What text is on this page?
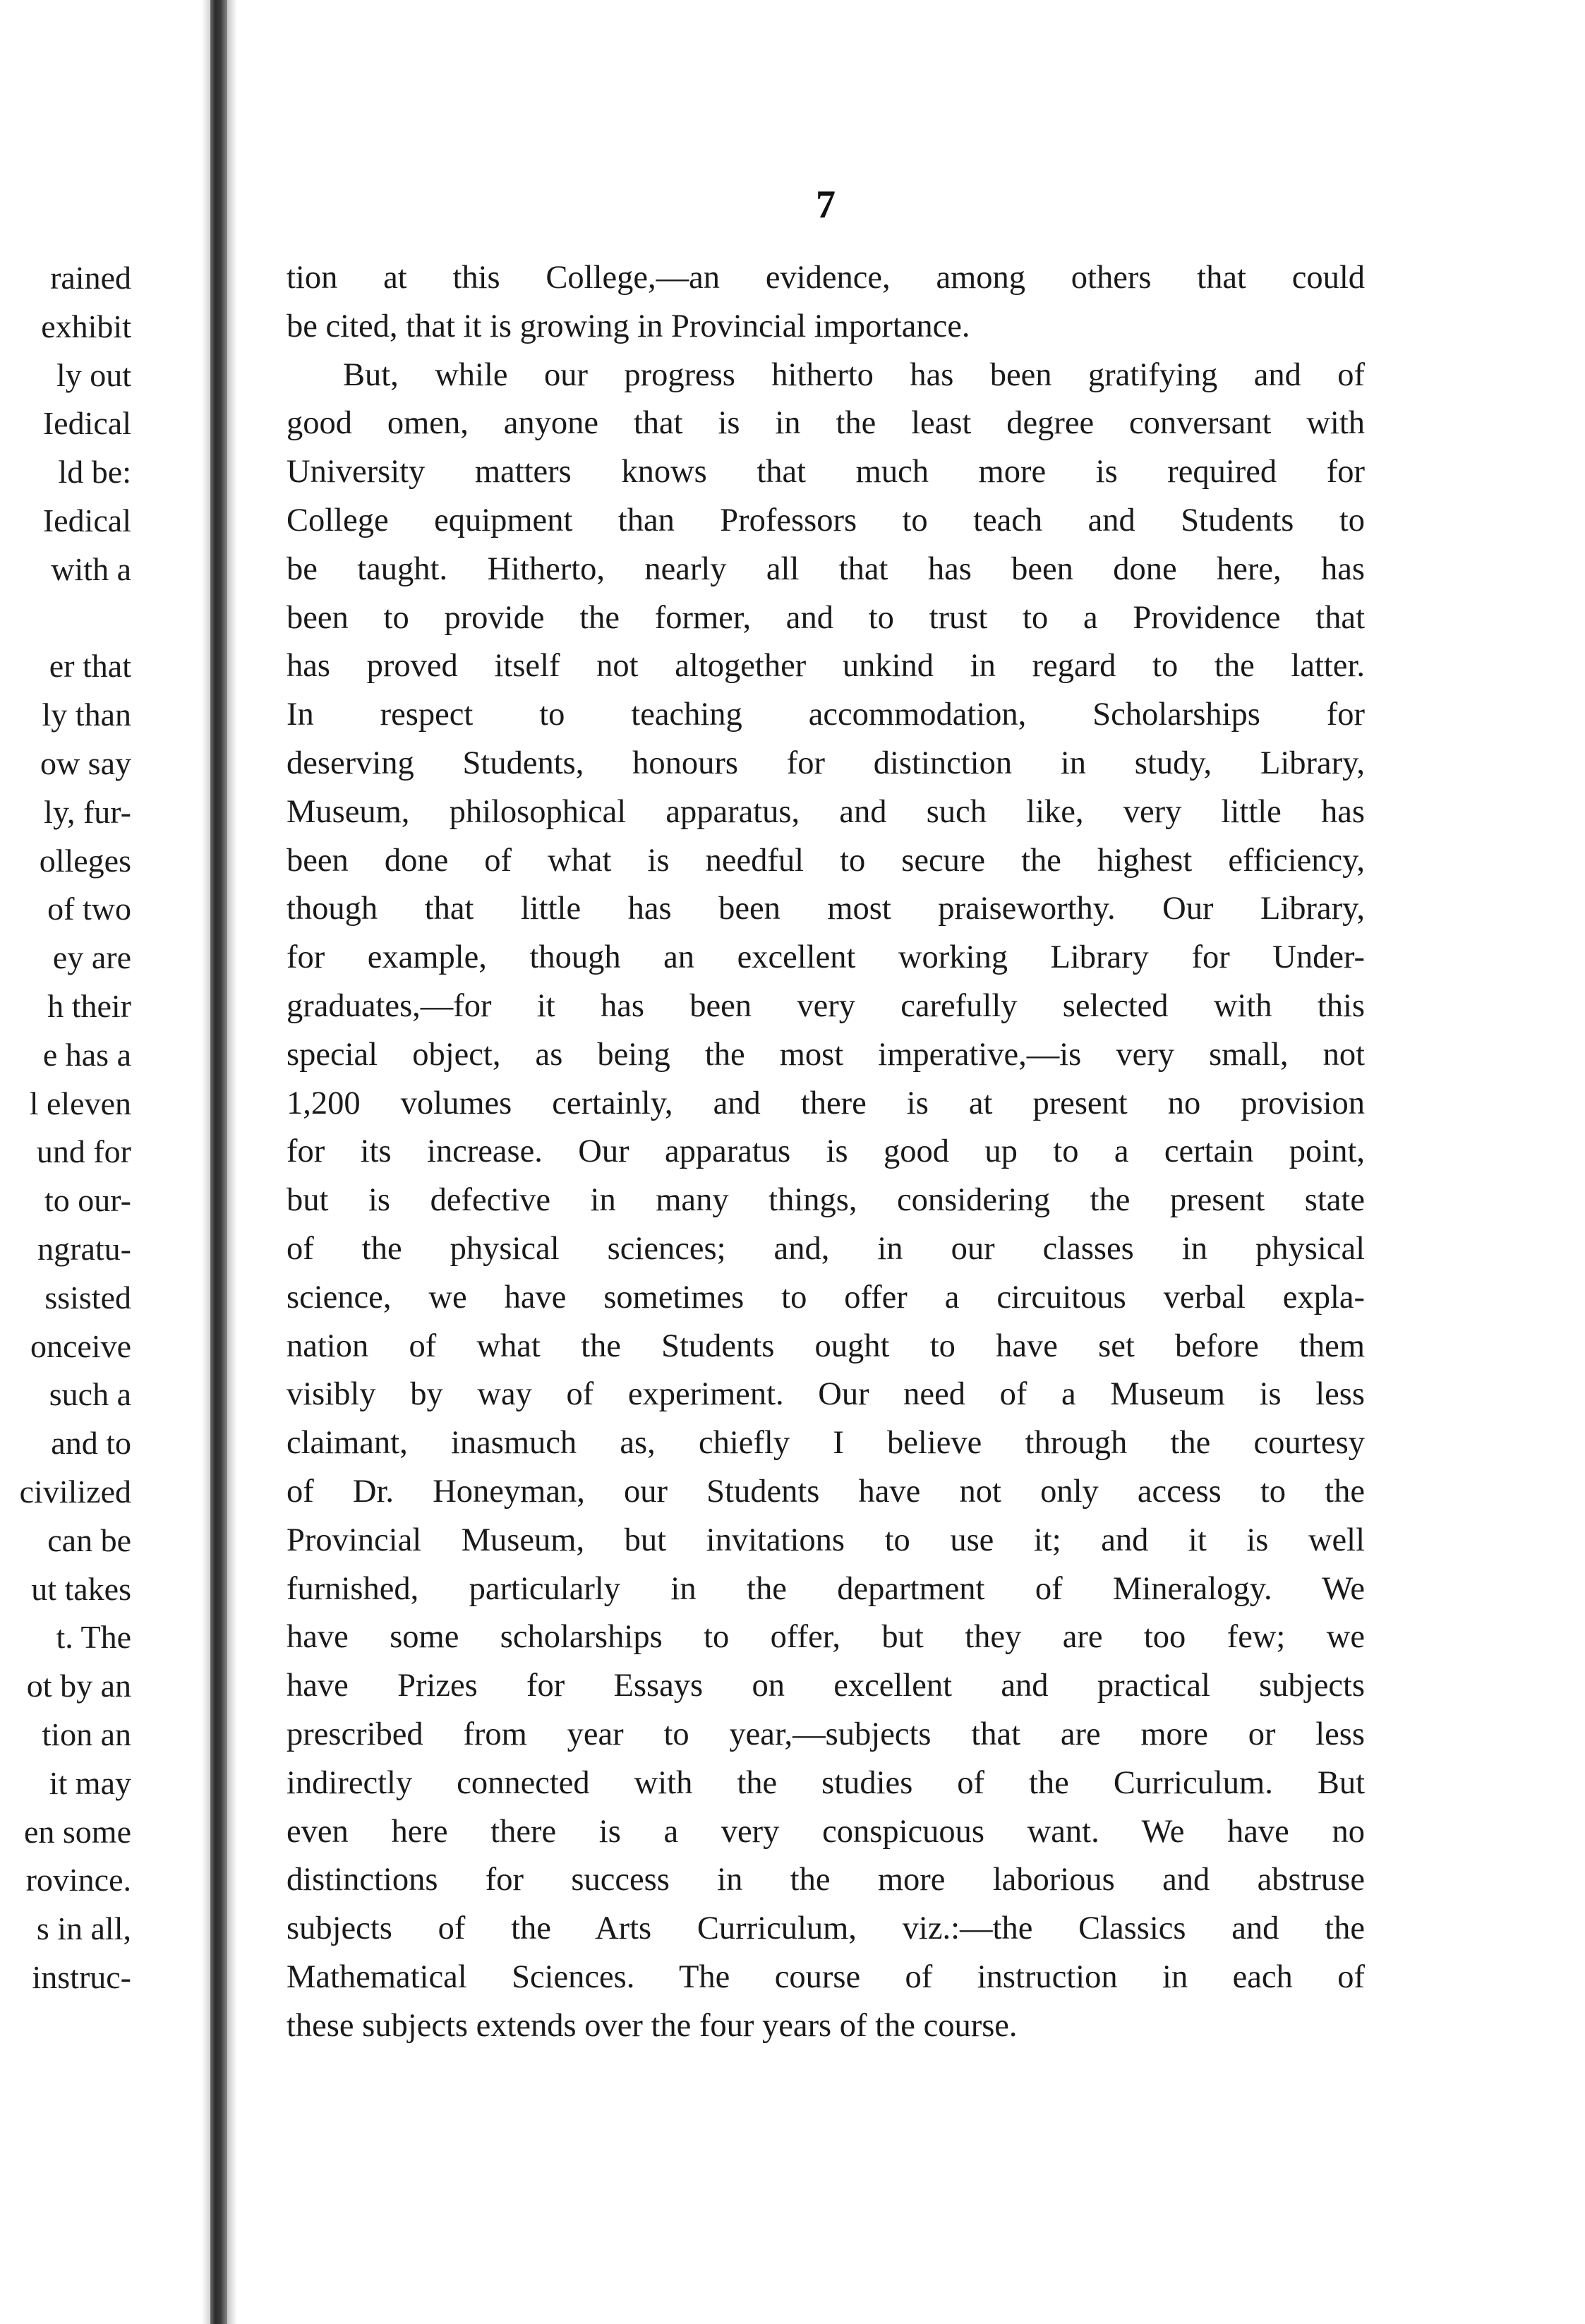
rained
exhibit
ly out
Iedical
ld be:
Iedical
with a

er that
ly than
ow say
ly, fur-
olleges
of two
ey are
h their
e has a
l eleven
und for
to our-
ngratu-
ssisted
onceive
such a
and to
civilized
can be
ut takes
t. The
ot by an
tion an
it may
en some
rovince.
s in all,
instruc-
7
tion at this College,—an evidence, among others that could
be cited, that it is growing in Provincial importance.
But, while our progress hitherto has been gratifying and of
good omen, anyone that is in the least degree conversant with
University matters knows that much more is required for
College equipment than Professors to teach and Students to
be taught. Hitherto, nearly all that has been done here, has
been to provide the former, and to trust to a Providence that
has proved itself not altogether unkind in regard to the latter.
In respect to teaching accommodation, Scholarships for
deserving Students, honours for distinction in study, Library,
Museum, philosophical apparatus, and such like, very little has
been done of what is needful to secure the highest efficiency,
though that little has been most praiseworthy. Our Library,
for example, though an excellent working Library for Under-
graduates,—for it has been very carefully selected with this
special object, as being the most imperative,—is very small, not
1,200 volumes certainly, and there is at present no provision
for its increase. Our apparatus is good up to a certain point,
but is defective in many things, considering the present state
of the physical sciences; and, in our classes in physical
science, we have sometimes to offer a circuitous verbal expla-
nation of what the Students ought to have set before them
visibly by way of experiment. Our need of a Museum is less
claimant, inasmuch as, chiefly I believe through the courtesy
of Dr. Honeyman, our Students have not only access to the
Provincial Museum, but invitations to use it; and it is well
furnished, particularly in the department of Mineralogy. We
have some scholarships to offer, but they are too few; we
have Prizes for Essays on excellent and practical subjects
prescribed from year to year,—subjects that are more or less
indirectly connected with the studies of the Curriculum. But
even here there is a very conspicuous want. We have no
distinctions for success in the more laborious and abstruse
subjects of the Arts Curriculum, viz.:—the Classics and the
Mathematical Sciences. The course of instruction in each of
these subjects extends over the four years of the course.
